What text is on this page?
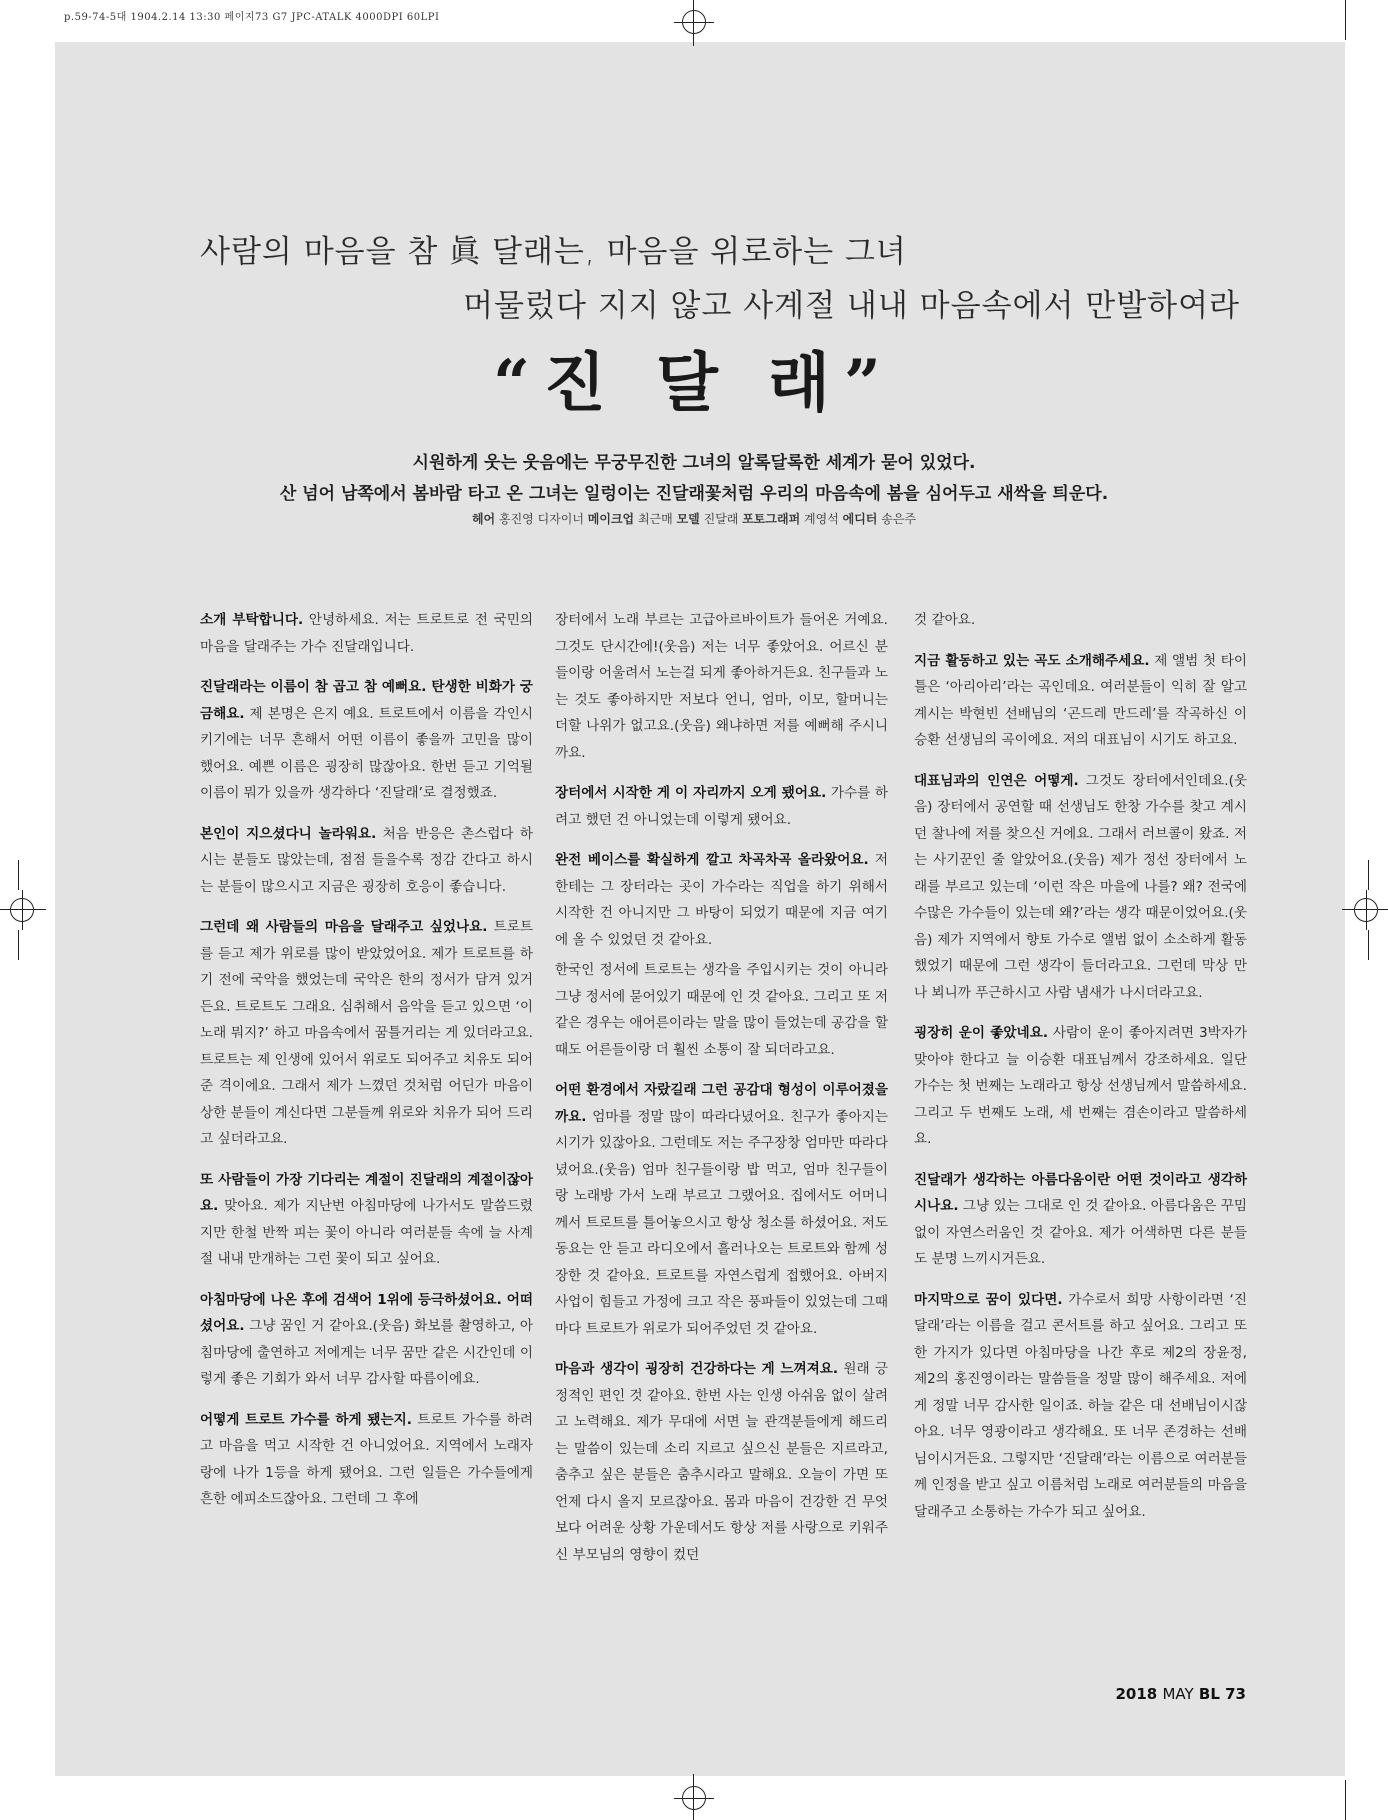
p.59-74-5대 1904.2.14 13:30 페이지73 G7 JPC-ATALK 4000DPI 60LPI
사람의 마음을 참 眞 달래는, 마음을 위로하는 그녀
머물렀다 지지 않고 사계절 내내 마음속에서 만발하여라
“진 달 래”
시원하게 웃는 웃음에는 무궁무진한 그녀의 알록달록한 세계가 묻어 있었다.
산 넘어 남쪽에서 봄바람 타고 온 그녀는 일렁이는 진달래꽃처럼 우리의 마음속에 봄을 심어두고 새싹을 틔운다.
헤어 홍진영 디자이너 메이크업 최근매 모델 진달래 포토그래퍼 계영석 에디터 송은주

소개 부탁합니다. 안녕하세요. 저는 트로트로 전 국민의 마음을 달래주는 가수 진달래입니다.

진달래라는 이름이 참 곱고 참 예뻐요. 탄생한 비화가 궁금해요. 제 본명은 은지 예요. 트로트에서 이름을 각인시키기에는 너무 흔해서 어떤 이름이 좋을까 고민을 많이 했어요. 예쁜 이름은 굉장히 많잖아요. 한번 듣고 기억될 이름이 뭐가 있을까 생각하다 ‘진달래’로 결정했죠.

본인이 지으셨다니 놀라워요. 처음 반응은 촌스럽다 하시는 분들도 많았는데, 점점 들을수록 정감 간다고 하시는 분들이 많으시고 지금은 굉장히 호응이 좋습니다.

그런데 왜 사람들의 마음을 달래주고 싶었나요. 트로트를 듣고 제가 위로를 많이 받았었어요. 제가 트로트를 하기 전에 국악을 했었는데 국악은 한의 정서가 담겨 있거든요. 트로트도 그래요. 심취해서 음악을 듣고 있으면 ‘이 노래 뭐지?’ 하고 마음속에서 꿈틀거리는 게 있더라고요. 트로트는 제 인생에 있어서 위로도 되어주고 치유도 되어준 격이에요. 그래서 제가 느꼈던 것처럼 어딘가 마음이 상한 분들이 계신다면 그분들께 위로와 치유가 되어 드리고 싶더라고요.

또 사람들이 가장 기다리는 계절이 진달래의 계절이잖아요. 맞아요. 제가 지난번 아침마당에 나가서도 말씀드렸지만 한철 반짝 피는 꽃이 아니라 여러분들 속에 늘 사계절 내내 만개하는 그런 꽃이 되고 싶어요.

아침마당에 나온 후에 검색어 1위에 등극하셨어요. 어떠셨어요. 그냥 꿈인 거 같아요.(웃음) 화보를 촬영하고, 아침마당에 출연하고 저에게는 너무 꿈만 같은 시간인데 이렇게 좋은 기회가 와서 너무 감사할 따름이에요.

어떻게 트로트 가수를 하게 됐는지. 트로트 가수를 하려고 마음을 먹고 시작한 건 아니었어요. 지역에서 노래자랑에 나가 1등을 하게 됐어요. 그런 일들은 가수들에게 흔한 에피소드잖아요. 그런데 그 후에

장터에서 노래 부르는 고급아르바이트가 들어온 거예요. 그것도 단시간에!(웃음) 저는 너무 좋았어요. 어르신 분들이랑 어울려서 노는걸 되게 좋아하거든요. 친구들과 노는 것도 좋아하지만 저보다 언니, 엄마, 이모, 할머니는 더할 나위가 없고요.(웃음) 왜냐하면 저를 예뻐해 주시니까요.

장터에서 시작한 게 이 자리까지 오게 됐어요. 가수를 하려고 했던 건 아니었는데 이렇게 됐어요.

완전 베이스를 확실하게 깔고 차곡차곡 올라왔어요. 저한테는 그 장터라는 곳이 가수라는 직업을 하기 위해서 시작한 건 아니지만 그 바탕이 되었기 때문에 지금 여기에 올 수 있었던 것 같아요.

한국인 정서에 트로트는 생각을 주입시키는 것이 아니라 그냥 정서에 묻어있기 때문에 인 것 같아요. 그리고 또 저같은 경우는 애어른이라는 말을 많이 들었는데 공감을 할 때도 어른들이랑 더 훨씬 소통이 잘 되더라고요.

어떤 환경에서 자랐길래 그런 공감대 형성이 이루어졌을까요. 엄마를 정말 많이 따라다녔어요. 친구가 좋아지는 시기가 있잖아요. 그런데도 저는 주구장창 엄마만 따라다녔어요.(웃음) 엄마 친구들이랑 밥 먹고, 엄마 친구들이랑 노래방 가서 노래 부르고 그랬어요. 집에서도 어머니께서 트로트를 틀어놓으시고 항상 청소를 하셨어요. 저도 동요는 안 듣고 라디오에서 흘러나오는 트로트와 함께 성장한 것 같아요. 트로트를 자연스럽게 접했어요. 아버지 사업이 힘들고 가정에 크고 작은 풍파들이 있었는데 그때마다 트로트가 위로가 되어주었던 것 같아요.

마음과 생각이 굉장히 건강하다는 게 느껴져요. 원래 긍정적인 편인 것 같아요. 한번 사는 인생 아쉬움 없이 살려고 노력해요. 제가 무대에 서면 늘 관객분들에게 해드리는 말씀이 있는데 소리 지르고 싶으신 분들은 지르라고, 춤추고 싶은 분들은 춤추시라고 말해요. 오늘이 가면 또 언제 다시 올지 모르잖아요. 몸과 마음이 건강한 건 무엇보다 어려운 상황 가운데서도 항상 저를 사랑으로 키워주신 부모님의 영향이 컸던

것 같아요.

지금 활동하고 있는 곡도 소개해주세요. 제 앨범 첫 타이틀은 ‘아리아리’라는 곡인데요. 여러분들이 익히 잘 알고 계시는 박현빈 선배님의 ‘곤드레 만드레’를 작곡하신 이승환 선생님의 곡이에요. 저의 대표님이 시기도 하고요.

대표님과의 인연은 어떻게. 그것도 장터에서인데요.(웃음) 장터에서 공연할 때 선생님도 한창 가수를 찾고 계시던 찰나에 저를 찾으신 거에요. 그래서 러브콜이 왔죠. 저는 사기꾼인 줄 알았어요.(웃음) 제가 정선 장터에서 노래를 부르고 있는데 ‘이런 작은 마을에 나를? 왜? 전국에 수많은 가수들이 있는데 왜?’라는 생각 때문이었어요.(웃음) 제가 지역에서 향토 가수로 앨범 없이 소소하게 활동했었기 때문에 그런 생각이 들더라고요. 그런데 막상 만나 뵈니까 푸근하시고 사람 냄새가 나시더라고요.

굉장히 운이 좋았네요. 사람이 운이 좋아지려면 3박자가 맞아야 한다고 늘 이승환 대표님께서 강조하세요. 일단 가수는 첫 번째는 노래라고 항상 선생님께서 말씀하세요. 그리고 두 번째도 노래, 세 번째는 겸손이라고 말씀하세요.

진달래가 생각하는 아름다움이란 어떤 것이라고 생각하시나요. 그냥 있는 그대로 인 것 같아요. 아름다움은 꾸밈없이 자연스러움인 것 같아요. 제가 어색하면 다른 분들도 분명 느끼시거든요.

마지막으로 꿈이 있다면. 가수로서 희망 사항이라면 ‘진달래’라는 이름을 걸고 콘서트를 하고 싶어요. 그리고 또 한 가지가 있다면 아침마당을 나간 후로 제2의 장윤정, 제2의 홍진영이라는 말씀들을 정말 많이 해주세요. 저에게 정말 너무 감사한 일이죠. 하늘 같은 대 선배님이시잖아요. 너무 영광이라고 생각해요. 또 너무 존경하는 선배님이시거든요. 그렇지만 ‘진달래’라는 이름으로 여러분들께 인정을 받고 싶고 이름처럼 노래로 여러분들의 마음을 달래주고 소통하는 가수가 되고 싶어요.

2018 MAY BL 73
